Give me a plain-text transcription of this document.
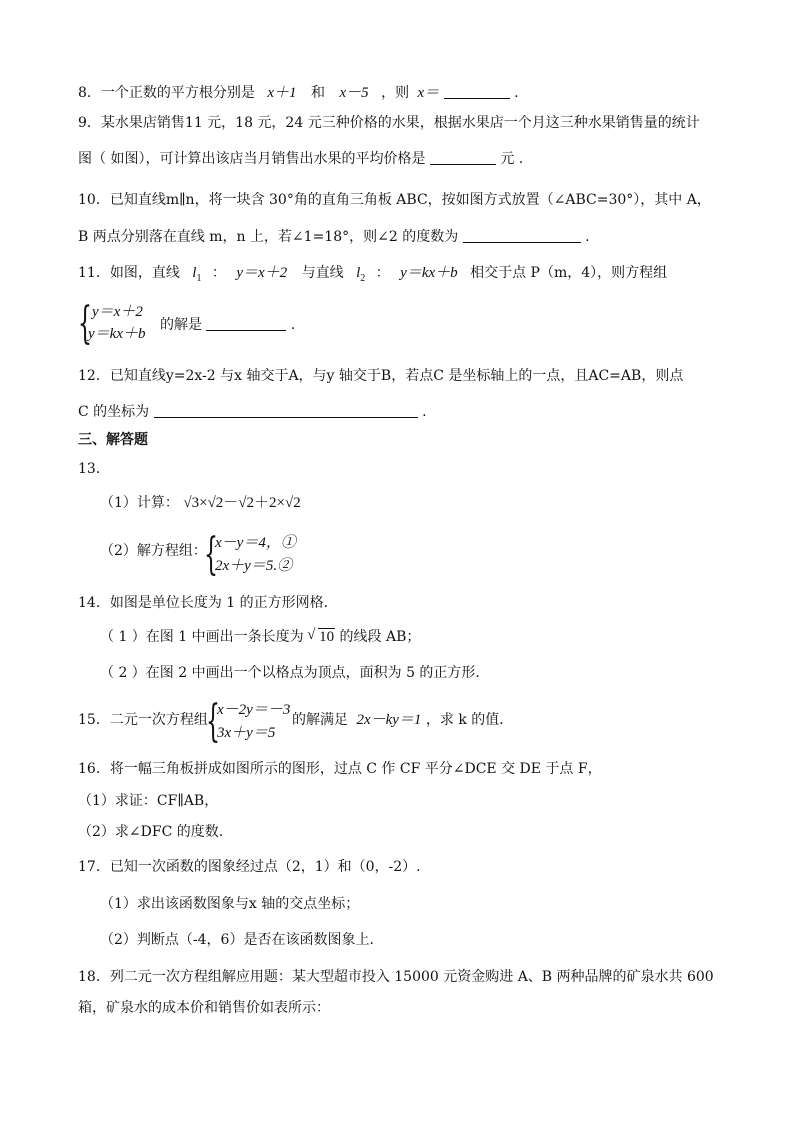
8．一个正数的平方根分别是 x＋1 和 x－5 ，则 x＝	.
9．某水果店销售11 元，18 元，24 元三种价格的水果，根据水果店一个月这三种水果销售量的统计
图（ 如图），可计算出该店当月销售出水果的平均价格是	元 .
10．已知直线m∥n，将一块含 30°角的直角三角板 ABC，按如图方式放置（∠ABC=30°），其中 A，
B 两点分别落在直线 m，n 上，若∠1=18°，则∠2 的度数为	.
11．如图，直线 $l_1$ ： y＝x＋2 与直线 $l_2$ ： y＝kx＋b 相交于点 P（m，4），则方程组
{ y＝x＋2
y＝kx＋b
的解是	.
12．已知直线y=2x-2 与x 轴交于A，与y 轴交于B，若点C 是坐标轴上的一点，且AC=AB，则点
C 的坐标为	.
三、解答题
13．
（1）计算： √3×√2－√2＋2×√2
（2）解方程组：
{
x－y＝4，①
2x＋y＝5.②
14．如图是单位长度为 1 的正方形网格．
（ 1 ）在图 1 中画出一条长度为 √ 10 的线段 AB；
（ 2 ）在图 2 中画出一个以格点为顶点，面积为 5 的正方形．
15．二元一次方程组
{
x－2y＝－3
3x＋y＝5
的解满足 2x－ky＝1 ，求 k 的值．
16．将一幅三角板拼成如图所示的图形，过点 C 作 CF 平分∠DCE 交 DE 于点 F，
（1）求证：CF∥AB，
（2）求∠DFC 的度数.
17．已知一次函数的图象经过点（2，1）和（0，-2）.
（1）求出该函数图象与x 轴的交点坐标；
（2）判断点（-4，6）是否在该函数图象上．
18．列二元一次方程组解应用题：某大型超市投入 15000 元资金购进 A、B 两种品牌的矿泉水共 600
箱，矿泉水的成本价和销售价如表所示：
